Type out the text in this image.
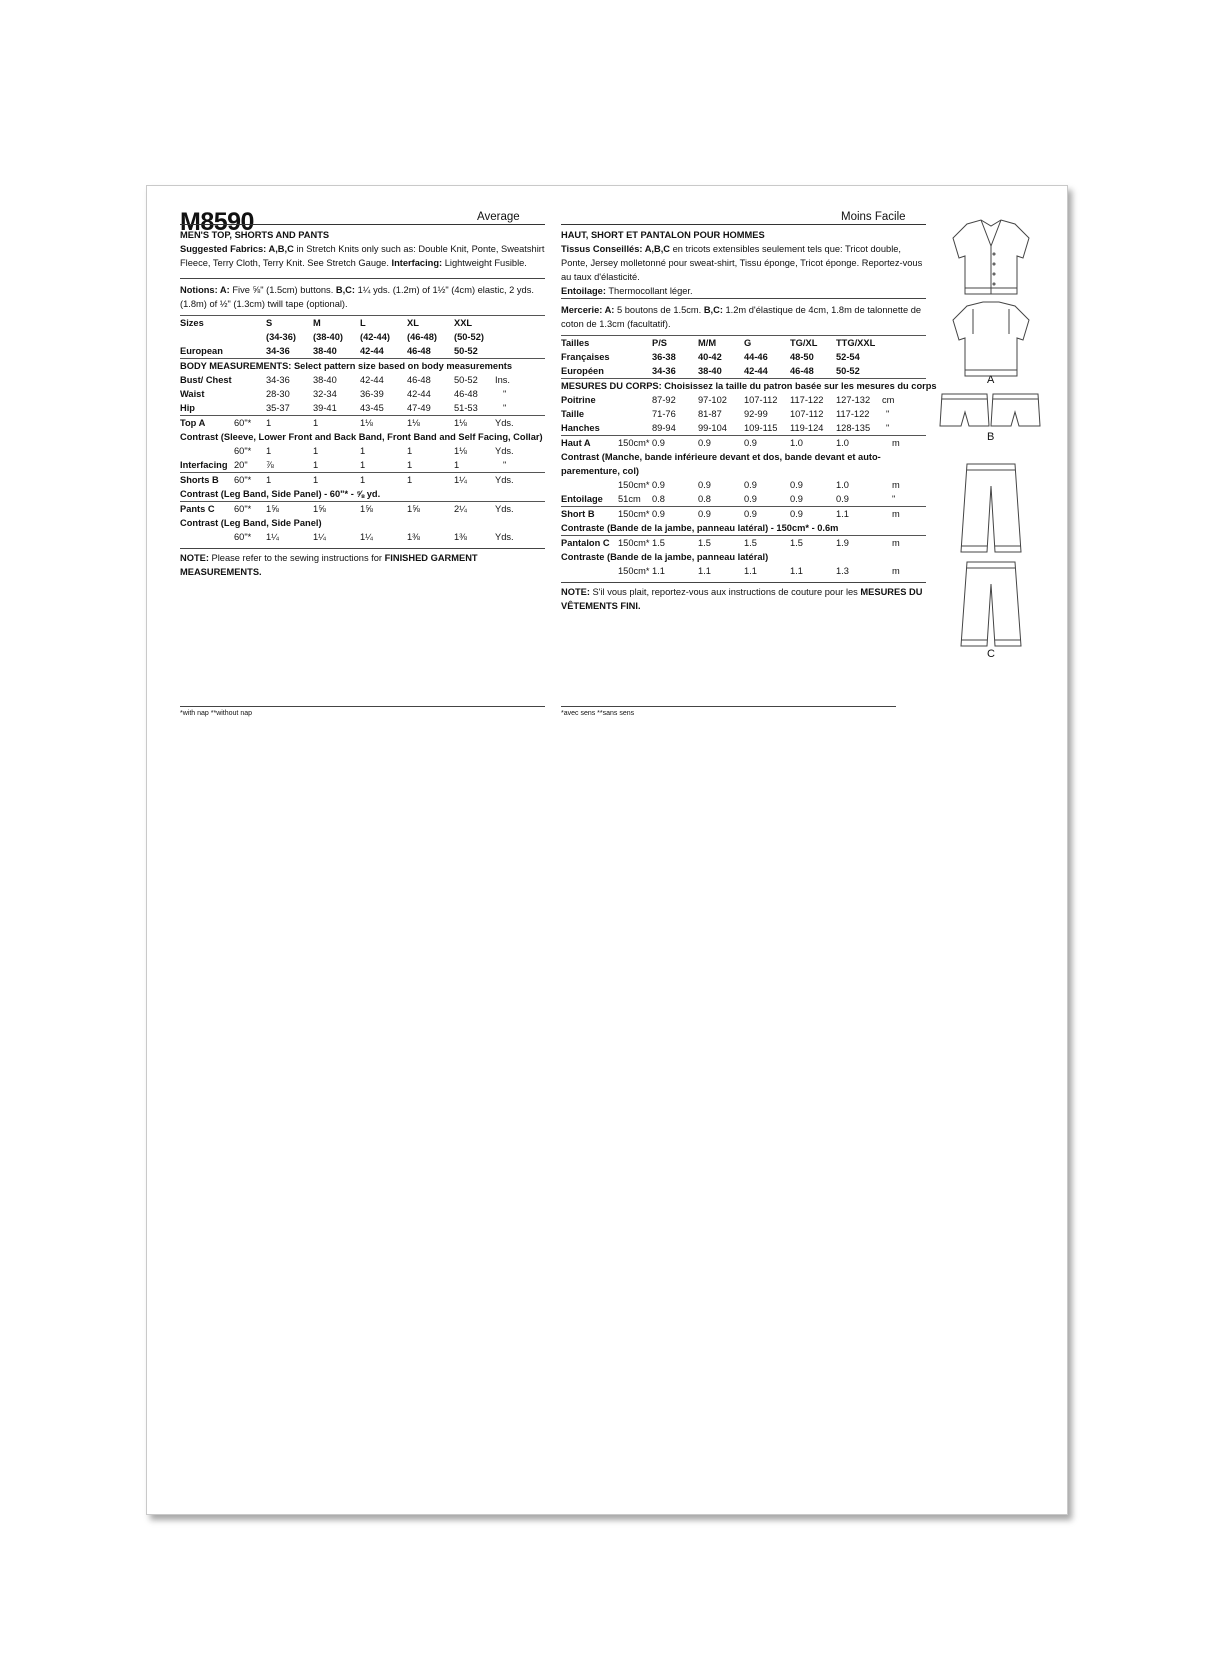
M8590	Average	Moins Facile
MEN'S TOP, SHORTS AND PANTS

Suggested Fabrics: A,B,C in Stretch Knits only such as: Double Knit, Ponte, Sweatshirt Fleece, Terry Cloth, Terry Knit. See Stretch Gauge. Interfacing: Lightweight Fusible.

Notions: A: Five ⅝" (1.5cm) buttons. B,C: 1¼ yds. (1.2m) of 1½" (4cm) elastic, 2 yds. (1.8m) of ½" (1.3cm) twill tape (optional).
Sizes		S	M	L	XL	XXL	
		(34-36)	(38-40)	(42-44)	(46-48)	(50-52)	
European		34-36	38-40	42-44	46-48	50-52	
BODY MEASUREMENTS: Select pattern size based on body measurements							
Bust/ Chest		34-36	38-40	42-44	46-48	50-52	Ins.
Waist		28-30	32-34	36-39	42-44	46-48	"
Hip		35-37	39-41	43-45	47-49	51-53	"
Top A	60"*	1	1	1⅛	1⅛	1⅛	Yds.
Contrast (Sleeve, Lower Front and Back Band, Front Band and Self Facing, Collar)							
	60"*	1	1	1	1	1⅛	Yds.
Interfacing	20"	⅞	1	1	1	1	"
Shorts B	60"*	1	1	1	1	1¼	Yds.
Contrast (Leg Band, Side Panel) - 60"* - ⅝ yd.							
Pants C	60"*	1⅝	1⅝	1⅝	1⅝	2¼	Yds.
Contrast (Leg Band, Side Panel)							
	60"*	1¼	1¼	1¼	1⅜	1⅜	Yds.
NOTE: Please refer to the sewing instructions for FINISHED GARMENT MEASUREMENTS.
HAUT, SHORT ET PANTALON POUR HOMMES

Tissus Conseillés: A,B,C en tricots extensibles seulement tels que: Tricot double, Ponte, Jersey molletonné pour sweat-shirt, Tissu éponge, Tricot éponge. Reportez-vous au taux d'élasticité.
Entoilage: Thermocollant léger.

Mercerie: A: 5 boutons de 1.5cm. B,C: 1.2m d'élastique de 4cm, 1.8m de talonnette de coton de 1.3cm (facultatif).
Tailles		P/S	M/M	G	TG/XL	TTG/XXL	
Françaises		36-38	40-42	44-46	48-50	52-54	
Européen		34-36	38-40	42-44	46-48	50-52	
MESURES DU CORPS: Choisissez la taille du patron basée sur les mesures du corps							
Poitrine		87-92	97-102	107-112	117-122	127-132	cm
Taille		71-76	81-87	92-99	107-112	117-122	"
Hanches		89-94	99-104	109-115	119-124	128-135	"
Haut A	150cm*	0.9	0.9	0.9	1.0	1.0	m
Contrast (Manche, bande inférieure devant et dos, bande devant et auto-parementure, col)							
	150cm*	0.9	0.9	0.9	0.9	1.0	m
Entoilage	51cm	0.8	0.8	0.9	0.9	0.9	"
Short B	150cm*	0.9	0.9	0.9	0.9	1.1	m
Contraste (Bande de la jambe, panneau latéral) - 150cm* - 0.6m							
Pantalon C	150cm*	1.5	1.5	1.5	1.5	1.9	m
Contraste (Bande de la jambe, panneau latéral)							
	150cm*	1.1	1.1	1.1	1.1	1.3	m
NOTE: S'il vous plait, reportez-vous aux instructions de couture pour les MESURES DU VÊTEMENTS FINI.
*with nap **without nap	*avec sens **sans sens
A
B
C
